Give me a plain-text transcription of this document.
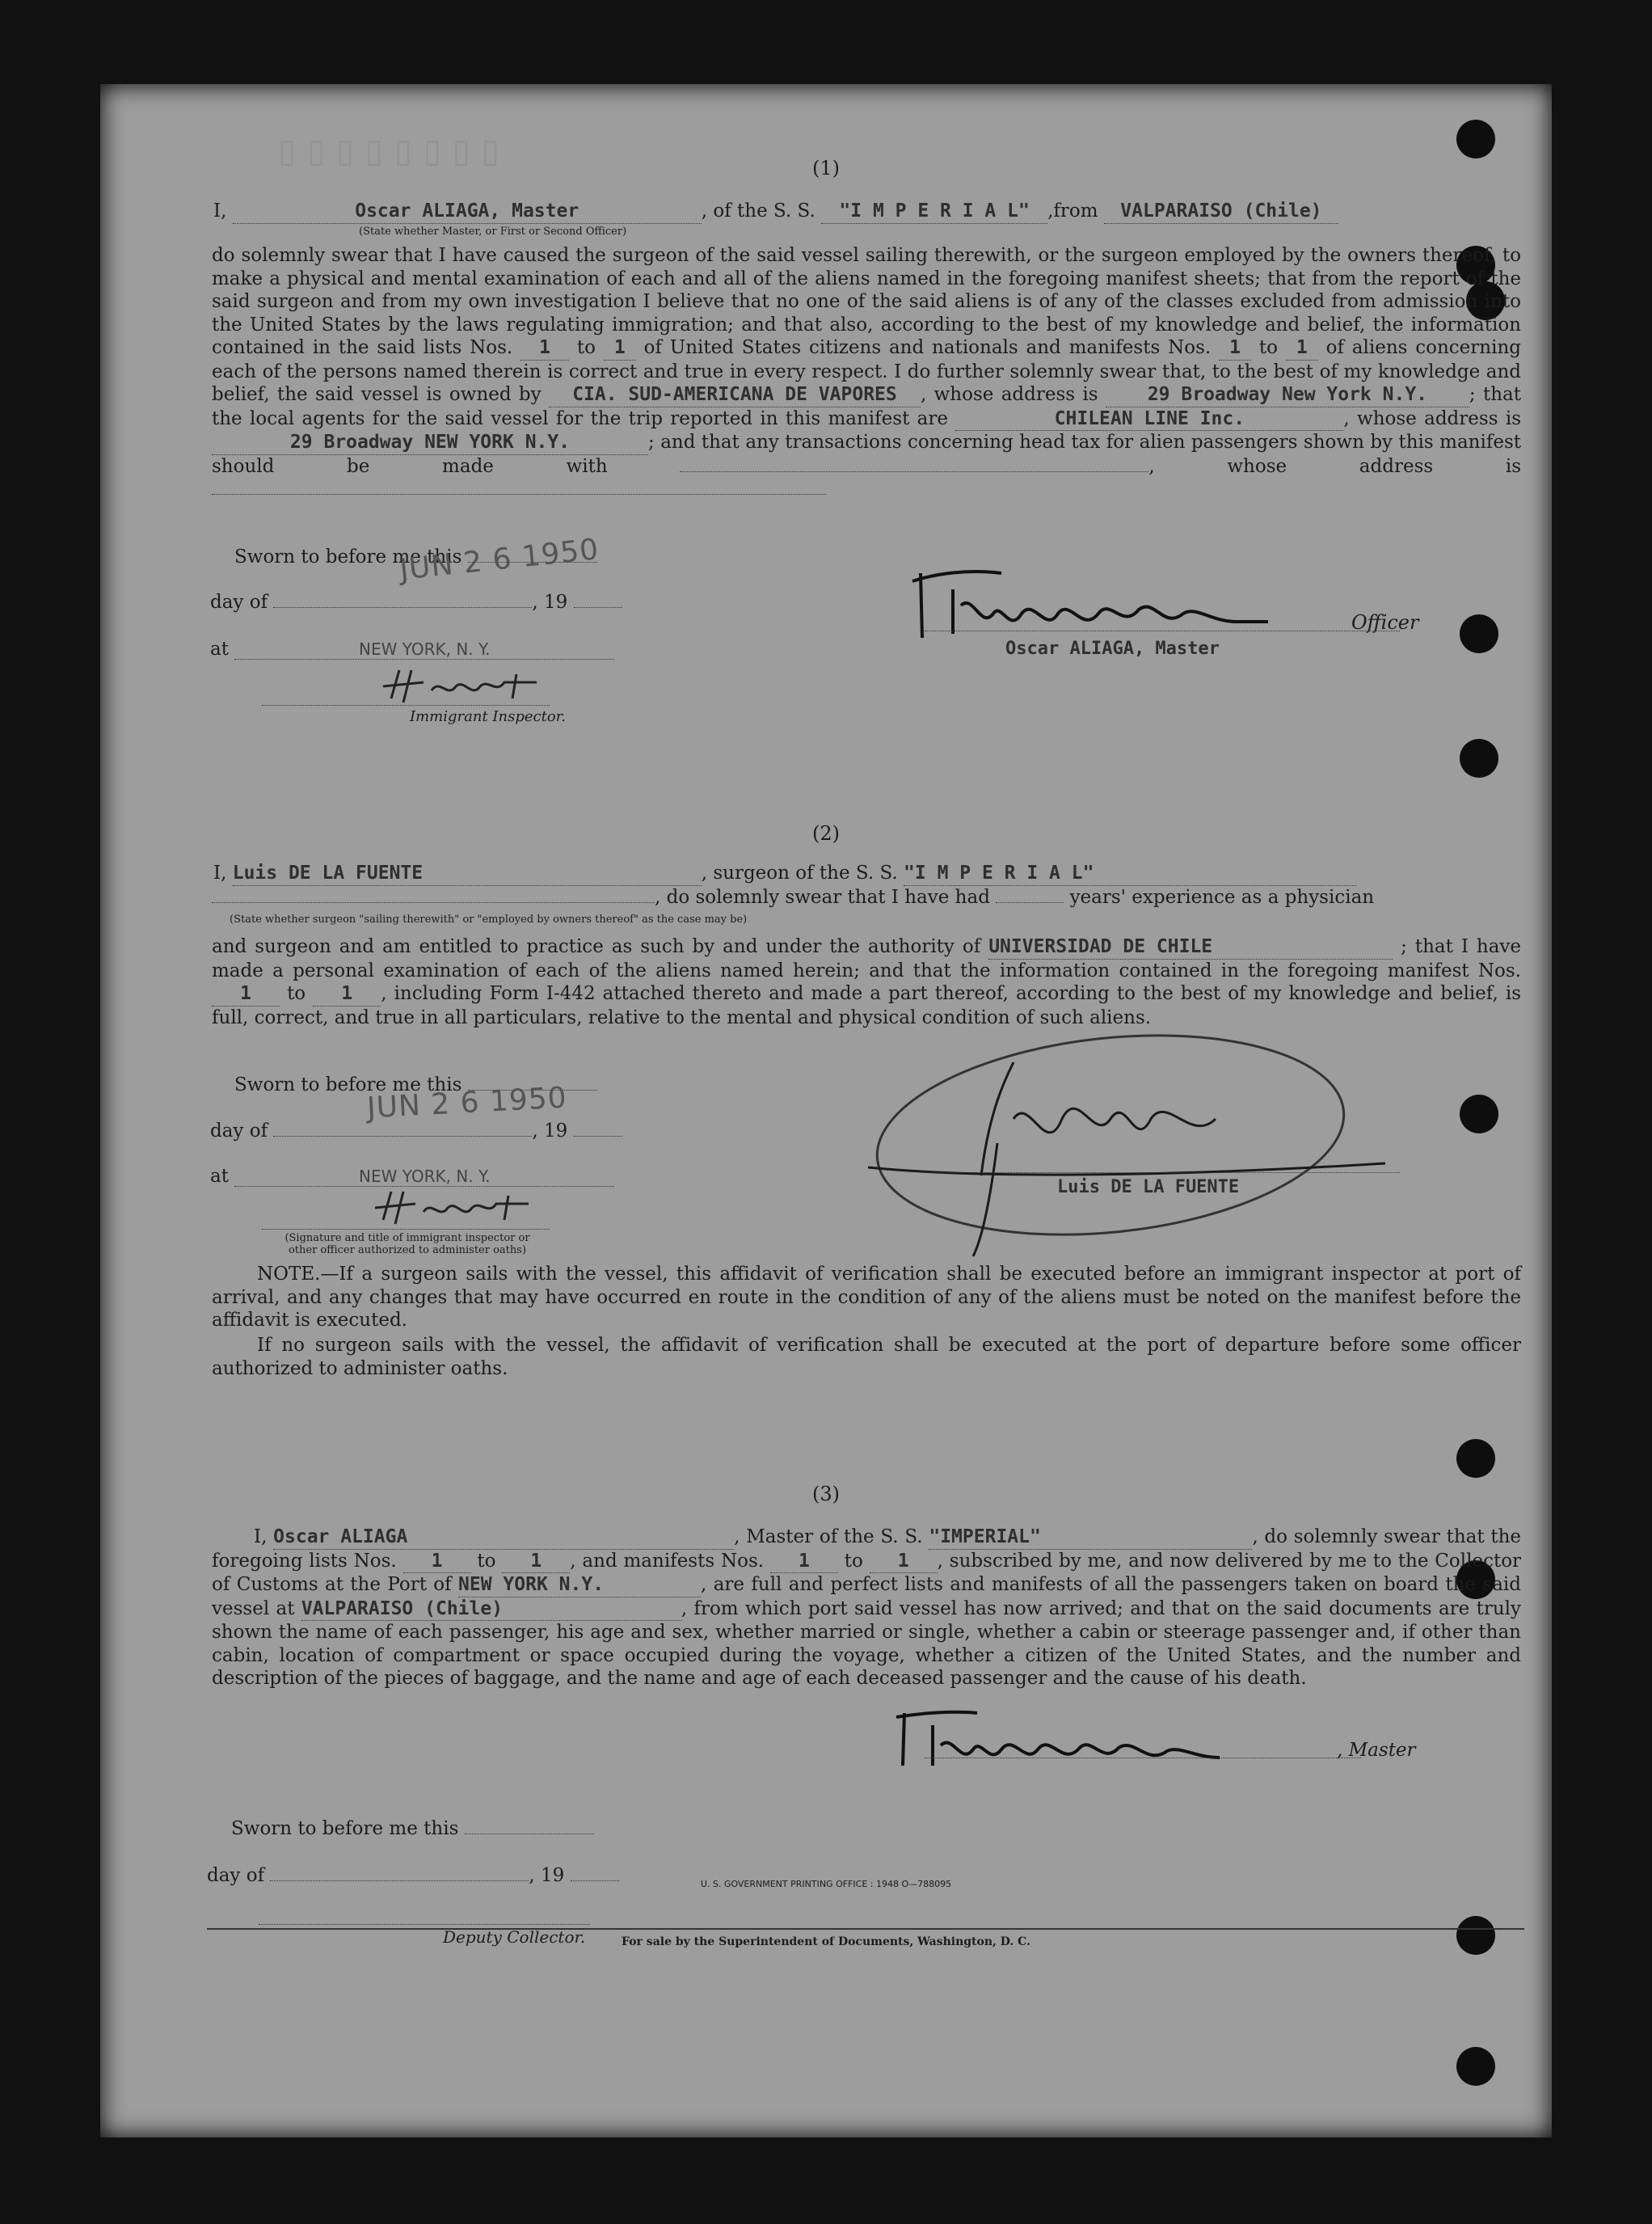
(1)
I,	Oscar ALIAGA, Master	, of the S. S. "I M P E R I A L" ,from VALPARAISO (Chile)
(State whether Master, or First or Second Officer)
do solemnly swear that I have caused the surgeon of the said vessel sailing therewith, or the surgeon employed by the owners thereof, to make a physical and mental examination of each and all of the aliens named in the foregoing manifest sheets; that from the report of the said surgeon and from my own investigation I believe that no one of the said aliens is of any of the classes excluded from admission into the United States by the laws regulating immigration; and that also, according to the best of my knowledge and belief, the information contained in the said lists Nos. 1 to 1 of United States citizens and nationals and manifests Nos. 1 to 1 of aliens concerning each of the persons named therein is correct and true in every respect. I do further solemnly swear that, to the best of my knowledge and belief, the said vessel is owned by CIA. SUD-AMERICANA DE VAPORES , whose address is	29 Broadway New York N.Y. ; that the local agents for the said vessel for the trip reported in this manifest are	CHILEAN LINE Inc.	, whose address is 29 Broadway NEW YORK N.Y.	; and that any transactions concerning head tax for alien passengers shown by this manifest should be made with	, whose address is
Sworn to before me this
JUN 2 6 1950
day of	, 19
at	NEW YORK, N. Y.
Immigrant Inspector.
Officer
Oscar ALIAGA, Master
▯ ▯ ▯ ▯ ▯ ▯ ▯ ▯
(2)
I, Luis DE LA FUENTE	, surgeon of the S. S. "I M P E R I A L"
, do solemnly swear that I have had	years' experience as a physician
(State whether surgeon "sailing therewith" or "employed by owners thereof" as the case may be)
and surgeon and am entitled to practice as such by and under the authority of UNIVERSIDAD DE CHILE	; that I have made a personal examination of each of the aliens named herein; and that the information contained in the foregoing manifest Nos. 1 to 1 , including Form I-442 attached thereto and made a part thereof, according to the best of my knowledge and belief, is full, correct, and true in all particulars, relative to the mental and physical condition of such aliens.
Sworn to before me this
JUN 2 6 1950
day of	, 19
at	NEW YORK, N. Y.
(Signature and title of immigrant inspector or other officer authorized to administer oaths)
Luis DE LA FUENTE
NOTE.—If a surgeon sails with the vessel, this affidavit of verification shall be executed before an immigrant inspector at port of arrival, and any changes that may have occurred en route in the condition of any of the aliens must be noted on the manifest before the affidavit is executed.
If no surgeon sails with the vessel, the affidavit of verification shall be executed at the port of departure before some officer authorized to administer oaths.
(3)
I, Oscar ALIAGA	, Master of the S. S. "IMPERIAL"	, do solemnly swear that the foregoing lists Nos. 1 to 1 , and manifests Nos. 1 to 1 , subscribed by me, and now delivered by me to the Collector of Customs at the Port of NEW YORK N.Y.	, are full and perfect lists and manifests of all the passengers taken on board the said vessel at VALPARAISO (Chile)	, from which port said vessel has now arrived; and that on the said documents are truly shown the name of each passenger, his age and sex, whether married or single, whether a cabin or steerage passenger and, if other than cabin, location of compartment or space occupied during the voyage, whether a citizen of the United States, and the number and description of the pieces of baggage, and the name and age of each deceased passenger and the cause of his death.
Sworn to before me this
day of	, 19
Deputy Collector.
, Master
U. S. GOVERNMENT PRINTING OFFICE : 1948 O—788095
For sale by the Superintendent of Documents, Washington, D. C.
